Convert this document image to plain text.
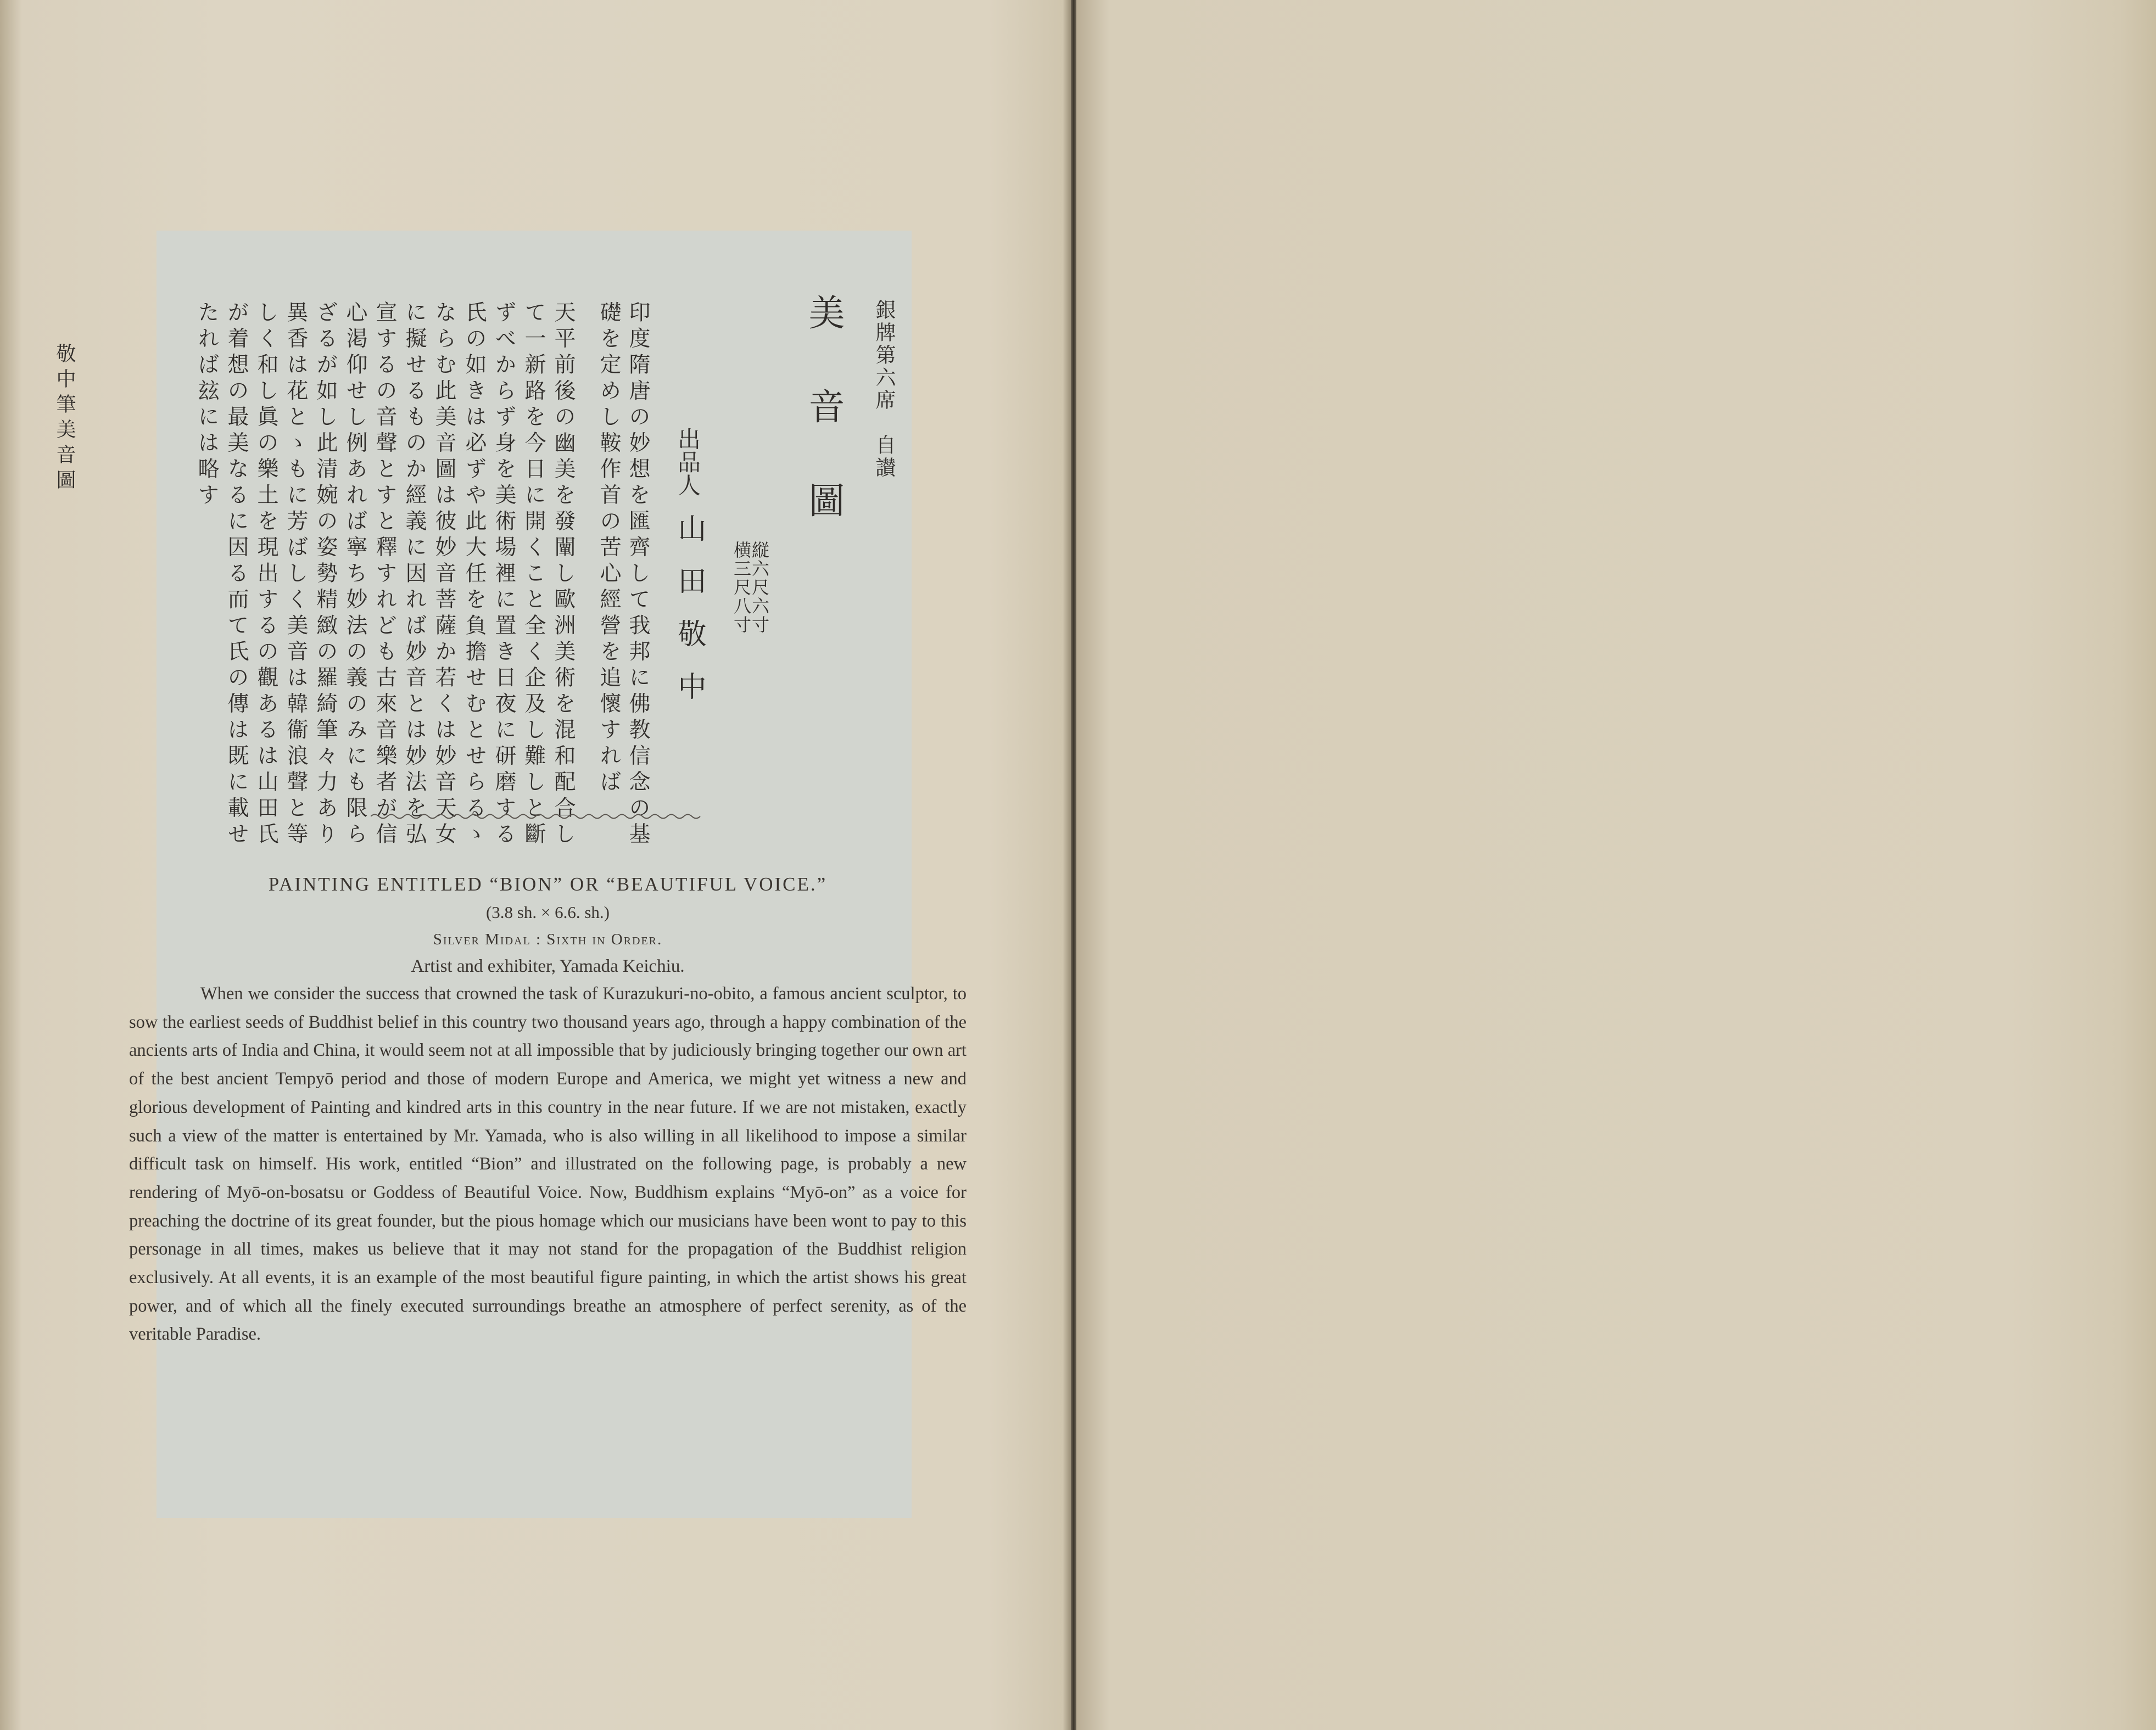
敬中筆美音圖	銀牌第六席　自讃
美音圖
縦六尺六寸
横三尺八寸
出品人
山田敬中
印度隋唐の妙想を匯齊して我邦に佛教信念の基
礎を定めし鞍作首の苦心經營を追懷すれば
天平前後の幽美を發闡し歐洲美術を混和配合し
て一新路を今日に開くこと全く企及し難しと斷
ずべからず身を美術場裡に置き日夜に研磨する
氏の如きは必ずや此大任を負擔せむとせらるゝ
ならむ此美音圖は彼妙音菩薩か若くは妙音天女
に擬せるものか經義に因れば妙音とは妙法を弘
宣するの音聲とすと釋すれども古來音樂者が信
心渇仰せし例あれば寧ち妙法の義のみにも限ら
ざるが如し此清婉の姿勢精緻の羅綺筆々力あり
異香は花とゝもに芳ばしく美音は韓衞浪聲と等
しく和し眞の樂土を現出するの觀あるは山田氏
が着想の最美なるに因る而て氏の傳は既に載せ
たれば玆には略す

PAINTING ENTITLED “BION” OR “BEAUTIFUL VOICE.”

(3.8 sh. × 6.6. sh.)

Silver Midal : Sixth in Order.

Artist and exhibiter, Yamada Keichiu.

When we consider the success that crowned the task of Kurazukuri-no-obito, a famous ancient sculptor, to sow the earliest seeds of Buddhist belief in this country two thousand years ago, through a happy combination of the ancients arts of India and China, it would seem not at all impossible that by judiciously bringing together our own art of the best ancient Tempyō period and those of modern Europe and America, we might yet witness a new and glorious development of Painting and kindred arts in this country in the near future. If we are not mistaken, exactly such a view of the matter is entertained by Mr. Yamada, who is also willing in all likelihood to impose a similar difficult task on himself. His work, entitled “Bion” and illustrated on the following page, is probably a new rendering of Myō-on-bosatsu or Goddess of Beautiful Voice. Now, Buddhism explains “Myō-on” as a voice for preaching the doctrine of its great founder, but the pious homage which our musicians have been wont to pay to this personage in all times, makes us believe that it may not stand for the propagation of the Buddhist religion exclusively. At all events, it is an example of the most beautiful figure painting, in which the artist shows his great power, and of which all the finely executed surroundings breathe an atmosphere of perfect serenity, as of the veritable Paradise.
